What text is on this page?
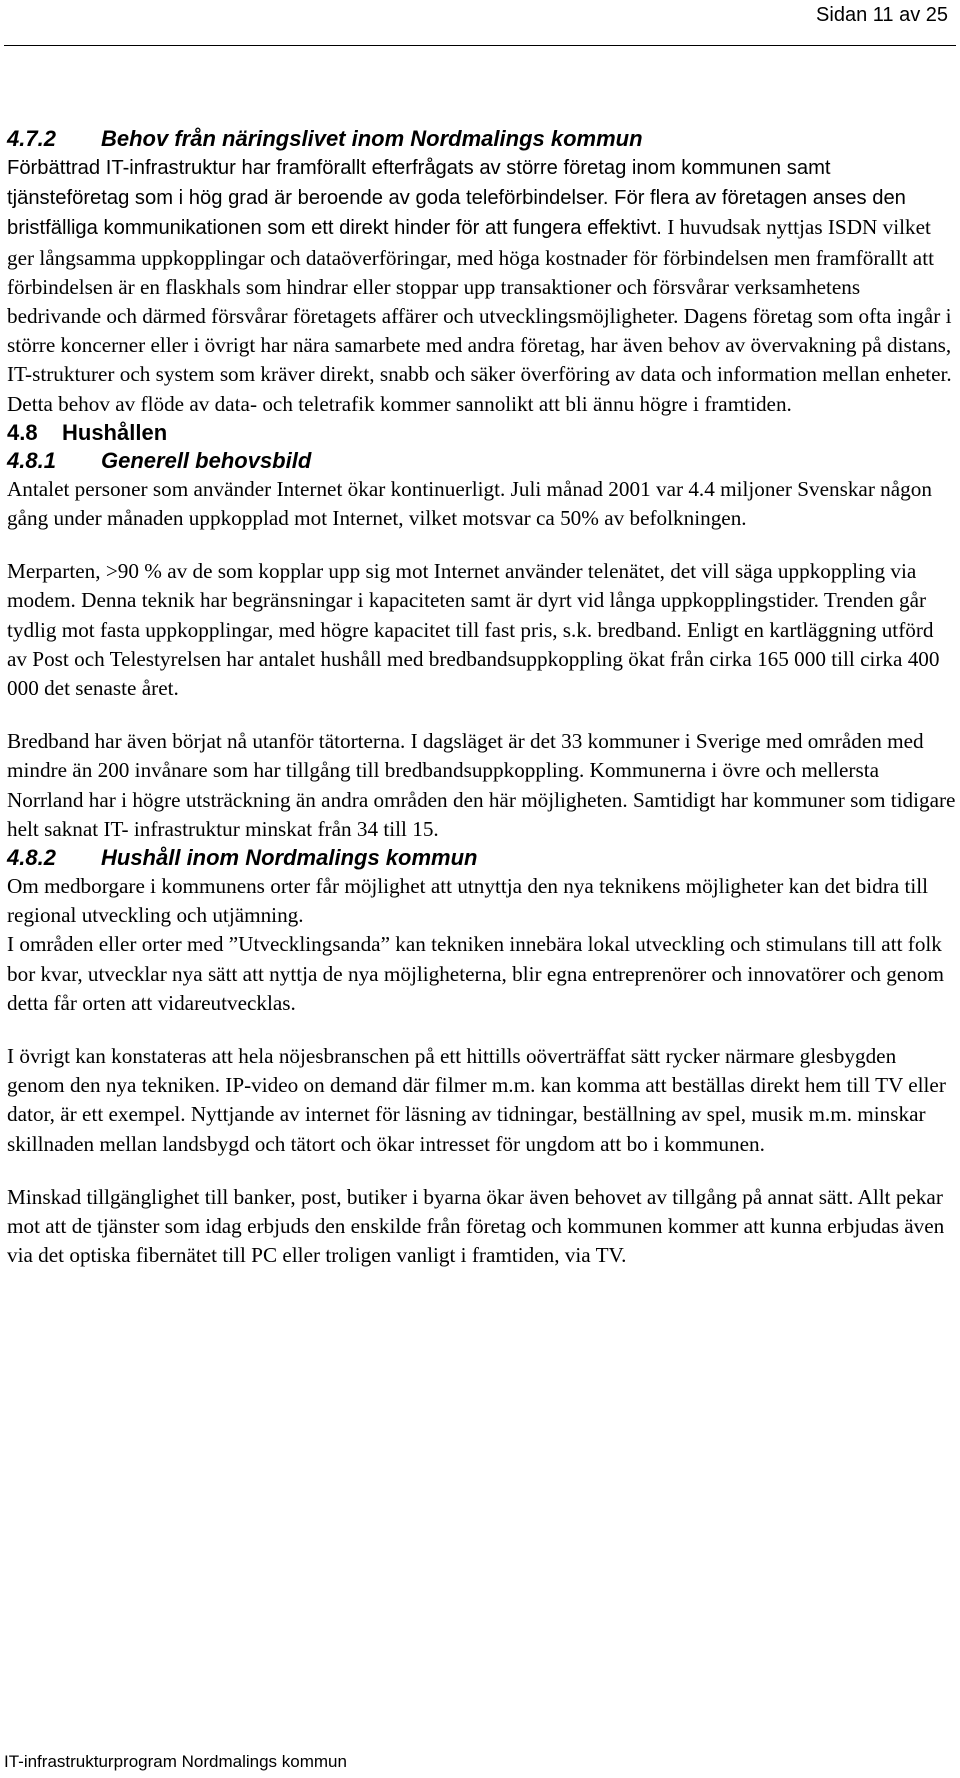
Sidan 11 av 25
4.7.2 Behov från näringslivet inom Nordmalings kommun

Förbättrad IT-infrastruktur har framförallt efterfrågats av större företag inom kommunen samt tjänsteföretag som i hög grad är beroende av goda teleförbindelser. För flera av företagen anses den bristfälliga kommunikationen som ett direkt hinder för att fungera effektivt. I huvudsak nyttjas ISDN vilket ger långsamma uppkopplingar och dataöverföringar, med höga kostnader för förbindelsen men framförallt att förbindelsen är en flaskhals som hindrar eller stoppar upp transaktioner och försvårar verksamhetens bedrivande och därmed försvårar företagets affärer och utvecklingsmöjligheter. Dagens företag som ofta ingår i större koncerner eller i övrigt har nära samarbete med andra företag, har även behov av övervakning på distans, IT-strukturer och system som kräver direkt, snabb och säker överföring av data och information mellan enheter. Detta behov av flöde av data- och teletrafik kommer sannolikt att bli ännu högre i framtiden.

4.8 Hushållen
4.8.1 Generell behovsbild

Antalet personer som använder Internet ökar kontinuerligt. Juli månad 2001 var 4.4 miljoner Svenskar någon gång under månaden uppkopplad mot Internet, vilket motsvar ca 50% av befolkningen.

Merparten, >90 % av de som kopplar upp sig mot Internet använder telenätet, det vill säga uppkoppling via modem. Denna teknik har begränsningar i kapaciteten samt är dyrt vid långa uppkopplingstider. Trenden går tydlig mot fasta uppkopplingar, med högre kapacitet till fast pris, s.k. bredband. Enligt en kartläggning utförd av Post och Telestyrelsen har antalet hushåll med bredbandsuppkoppling ökat från cirka 165 000 till cirka 400 000 det senaste året.

Bredband har även börjat nå utanför tätorterna. I dagsläget är det 33 kommuner i Sverige med områden med mindre än 200 invånare som har tillgång till bredbandsuppkoppling. Kommunerna i övre och mellersta Norrland har i högre utsträckning än andra områden den här möjligheten. Samtidigt har kommuner som tidigare helt saknat IT- infrastruktur minskat från 34 till 15.

4.8.2 Hushåll inom Nordmalings kommun

Om medborgare i kommunens orter får möjlighet att utnyttja den nya teknikens möjligheter kan det bidra till regional utveckling och utjämning.

I områden eller orter med ”Utvecklingsanda” kan tekniken innebära lokal utveckling och stimulans till att folk bor kvar, utvecklar nya sätt att nyttja de nya möjligheterna, blir egna entreprenörer och innovatörer och genom detta får orten att vidareutvecklas.

I övrigt kan konstateras att hela nöjesbranschen på ett hittills oöverträffat sätt rycker närmare glesbygden genom den nya tekniken. IP-video on demand där filmer m.m. kan komma att beställas direkt hem till TV eller dator, är ett exempel. Nyttjande av internet för läsning av tidningar, beställning av spel, musik m.m. minskar skillnaden mellan landsbygd och tätort och ökar intresset för ungdom att bo i kommunen.

Minskad tillgänglighet till banker, post, butiker i byarna ökar även behovet av tillgång på annat sätt. Allt pekar mot att de tjänster som idag erbjuds den enskilde från företag och kommunen kommer att kunna erbjudas även via det optiska fibernätet till PC eller troligen vanligt i framtiden, via TV.

IT-infrastrukturprogram Nordmalings kommun
